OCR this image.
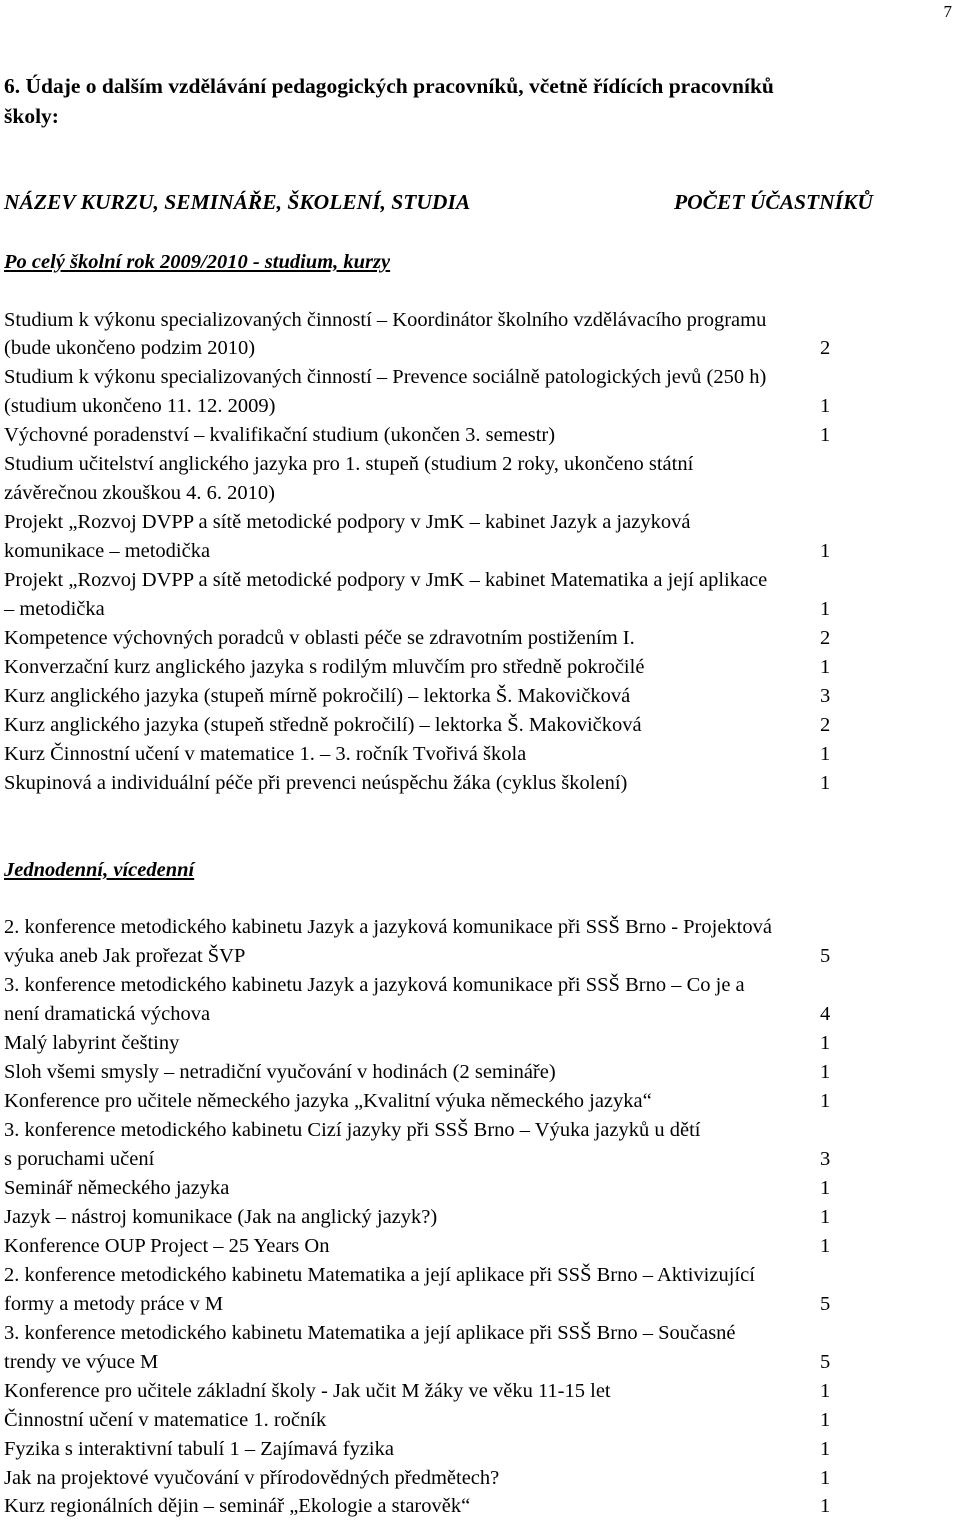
7
6. Údaje o dalším vzdělávání pedagogických pracovníků, včetně řídících pracovníků
školy:
NÁZEV KURZU, SEMINÁŘE, ŠKOLENÍ, STUDIA	POČET ÚČASTNÍKŮ
Po celý školní rok 2009/2010 - studium, kurzy
Studium k výkonu specializovaných činností – Koordinátor školního vzdělávacího programu
(bude ukončeno podzim 2010)	2
Studium k výkonu specializovaných činností – Prevence sociálně patologických jevů (250 h)
(studium ukončeno 11. 12. 2009)	1
Výchovné poradenství – kvalifikační studium (ukončen 3. semestr)	1
Studium učitelství anglického jazyka pro 1. stupeň (studium 2 roky, ukončeno státní
závěrečnou zkouškou 4. 6. 2010)
Projekt „Rozvoj DVPP a sítě metodické podpory v JmK – kabinet Jazyk a jazyková
komunikace – metodička	1
Projekt „Rozvoj DVPP a sítě metodické podpory v JmK – kabinet Matematika a její aplikace
– metodička	1
Kompetence výchovných poradců v oblasti péče se zdravotním postižením I.	2
Konverzační kurz anglického jazyka s rodilým mluvčím pro středně pokročilé	1
Kurz anglického jazyka (stupeň mírně pokročilí) – lektorka Š. Makovičková	3
Kurz anglického jazyka (stupeň středně pokročilí) – lektorka Š. Makovičková	2
Kurz Činnostní učení v matematice 1. – 3. ročník Tvořivá škola	1
Skupinová a individuální péče při prevenci neúspěchu žáka (cyklus školení)	1
Jednodenní, vícedenní
2. konference metodického kabinetu Jazyk a jazyková komunikace při SSŠ Brno - Projektová
výuka aneb Jak prořezat ŠVP	5
3. konference metodického kabinetu Jazyk a jazyková komunikace při SSŠ Brno – Co je a
není dramatická výchova	4
Malý labyrint češtiny	1
Sloh všemi smysly – netradiční vyučování v hodinách (2 semináře)	1
Konference pro učitele německého jazyka „Kvalitní výuka německého jazyka“	1
3. konference metodického kabinetu Cizí jazyky při SSŠ Brno – Výuka jazyků u dětí
s poruchami učení	3
Seminář německého jazyka	1
Jazyk – nástroj komunikace (Jak na anglický jazyk?)	1
Konference OUP Project – 25 Years On	1
2. konference metodického kabinetu Matematika a její aplikace při SSŠ Brno – Aktivizující
formy a metody práce v M	5
3. konference metodického kabinetu Matematika a její aplikace při SSŠ Brno – Současné
trendy ve výuce M	5
Konference pro učitele základní školy - Jak učit M žáky ve věku 11-15 let	1
Činnostní učení v matematice 1. ročník	1
Fyzika s interaktivní tabulí 1 – Zajímavá fyzika	1
Jak na projektové vyučování v přírodovědných předmětech?	1
Kurz regionálních dějin – seminář „Ekologie a starověk“	1
